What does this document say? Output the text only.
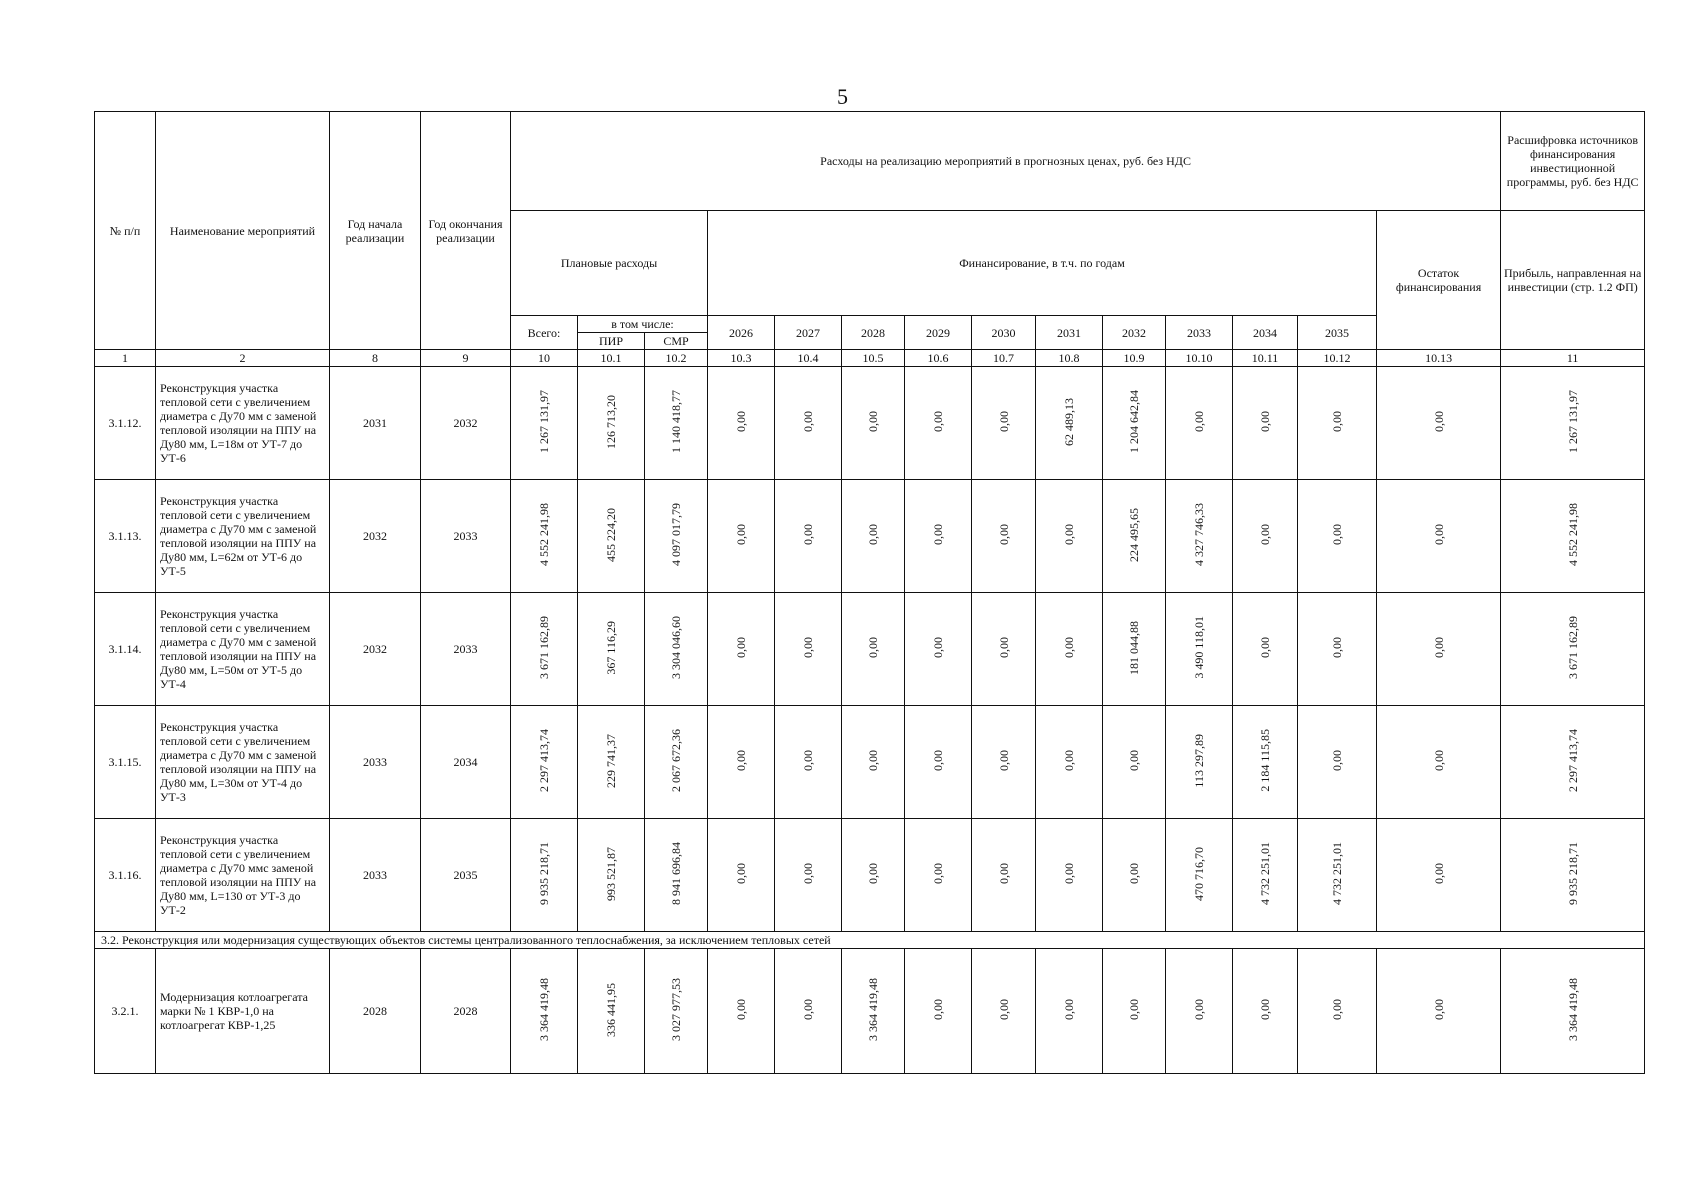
5
№ п/п	Наименование мероприятий	Год начала реализации	Год окончания реализации	Расходы на реализацию мероприятий в прогнозных ценах, руб. без НДС														Расшифровка источников финансирования инвестиционной программы, руб. без НДС
				Плановые расходы			Финансирование, в т.ч. по годам										Остаток финансирования	Прибыль, направленная на инвестиции (стр. 1.2 ФП)
				Всего:	в том числе:		2026	2027	2028	2029	2030	2031	2032	2033	2034	2035		
					ПИР	СМР												
1	2	8	9	10	10.1	10.2	10.3	10.4	10.5	10.6	10.7	10.8	10.9	10.10	10.11	10.12	10.13	11
3.1.12.	Реконструкция участка тепловой сети с увеличением диаметра с Ду70 мм с заменой тепловой изоляции на ППУ на Ду80 мм, L=18м от УТ-7 до УТ-6	2031	2032	1 267 131,97	126 713,20	1 140 418,77	0,00	0,00	0,00	0,00	0,00	62 489,13	1 204 642,84	0,00	0,00	0,00	0,00	1 267 131,97
3.1.13.	Реконструкция участка тепловой сети с увеличением диаметра с Ду70 мм с заменой тепловой изоляции на ППУ на Ду80 мм, L=62м от УТ-6 до УТ-5	2032	2033	4 552 241,98	455 224,20	4 097 017,79	0,00	0,00	0,00	0,00	0,00	0,00	224 495,65	4 327 746,33	0,00	0,00	0,00	4 552 241,98
3.1.14.	Реконструкция участка тепловой сети с увеличением диаметра с Ду70 мм с заменой тепловой изоляции на ППУ на Ду80 мм, L=50м от УТ-5 до УТ-4	2032	2033	3 671 162,89	367 116,29	3 304 046,60	0,00	0,00	0,00	0,00	0,00	0,00	181 044,88	3 490 118,01	0,00	0,00	0,00	3 671 162,89
3.1.15.	Реконструкция участка тепловой сети с увеличением диаметра с Ду70 мм с заменой тепловой изоляции на ППУ на Ду80 мм, L=30м от УТ-4 до УТ-3	2033	2034	2 297 413,74	229 741,37	2 067 672,36	0,00	0,00	0,00	0,00	0,00	0,00	0,00	113 297,89	2 184 115,85	0,00	0,00	2 297 413,74
3.1.16.	Реконструкция участка тепловой сети с увеличением диаметра с Ду70 ммс заменой тепловой изоляции на ППУ на Ду80 мм, L=130 от УТ-3 до УТ-2	2033	2035	9 935 218,71	993 521,87	8 941 696,84	0,00	0,00	0,00	0,00	0,00	0,00	0,00	470 716,70	4 732 251,01	4 732 251,01	0,00	9 935 218,71
3.2. Реконструкция или модернизация существующих объектов системы централизованного теплоснабжения, за исключением тепловых сетей																		
3.2.1.	Модернизация котлоагрегата марки № 1 КВР-1,0 на котлоагрегат КВР-1,25	2028	2028	3 364 419,48	336 441,95	3 027 977,53	0,00	0,00	3 364 419,48	0,00	0,00	0,00	0,00	0,00	0,00	0,00	0,00	3 364 419,48
